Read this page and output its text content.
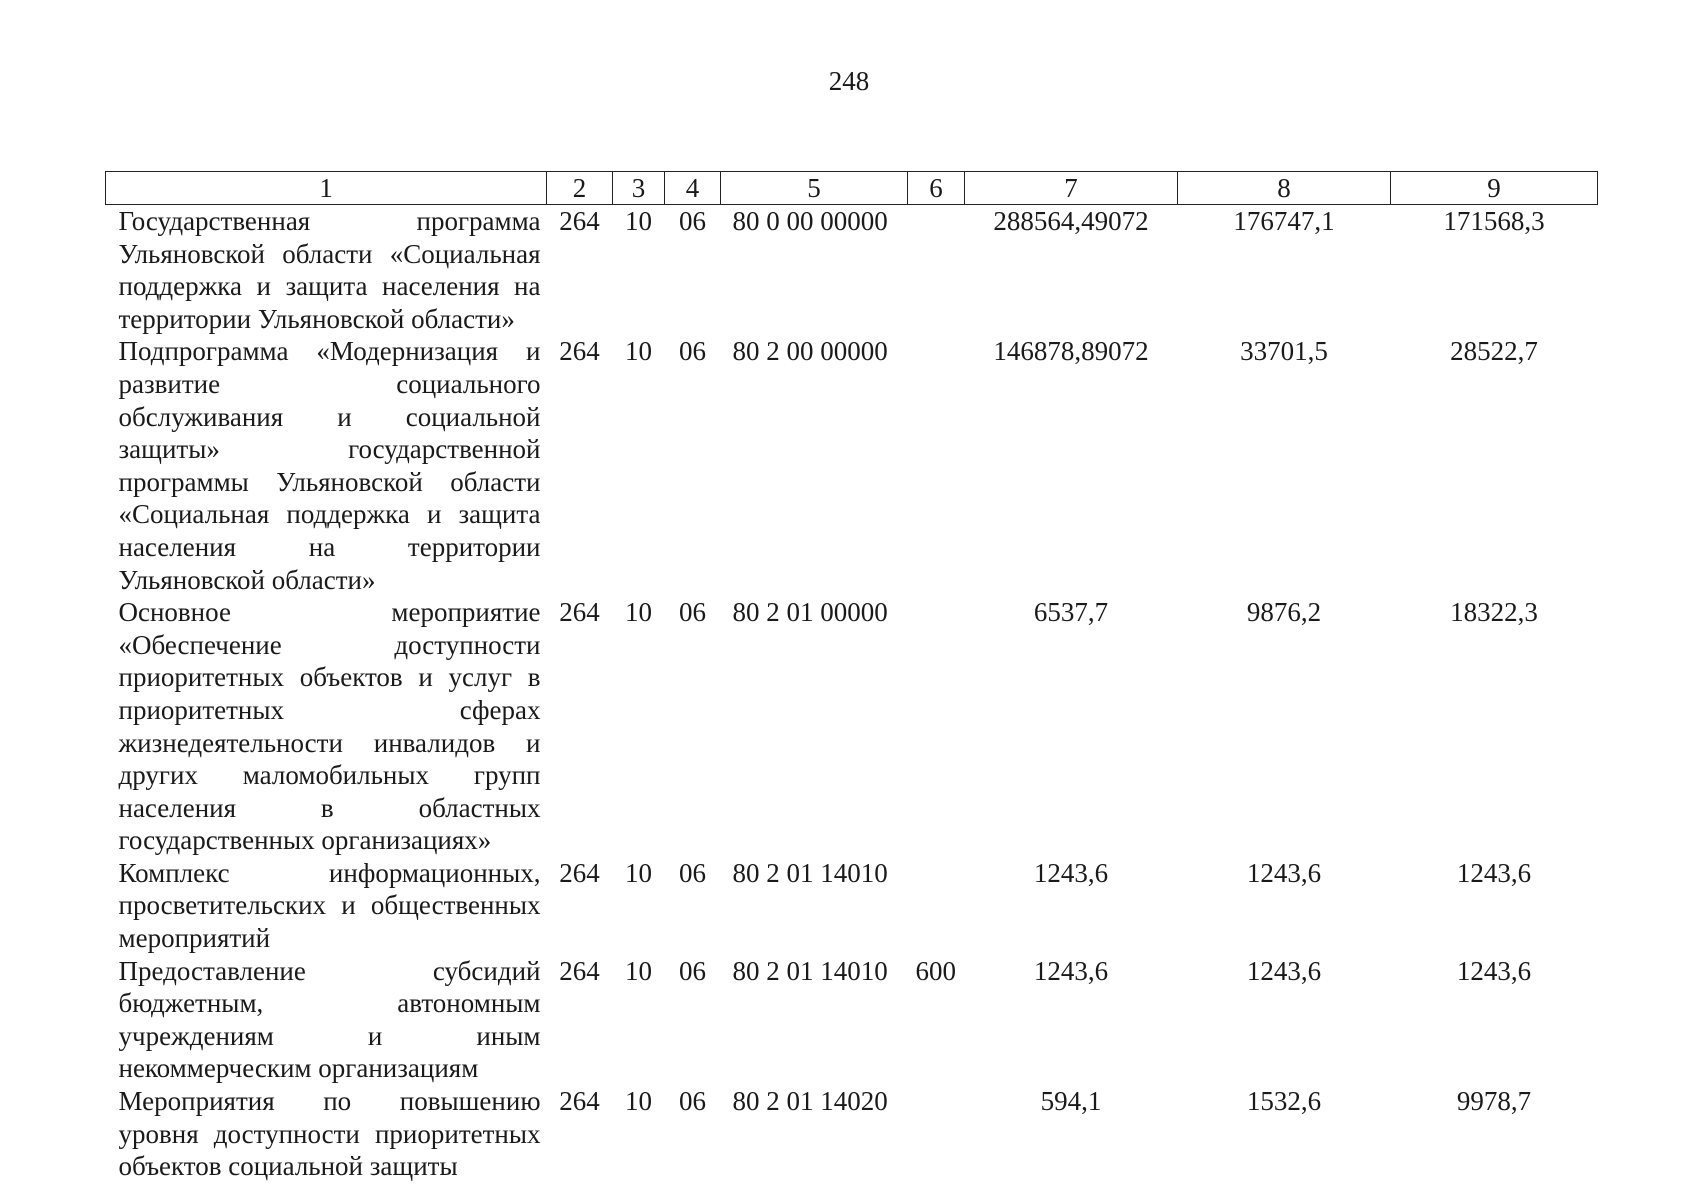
248
1	2	3	4	5	6	7	8	9

Государственная программа Ульяновской области «Социальная поддержка и защита населения на территории Ульяновской области»	264	10	06	80 0 00 00000		288564,49072	176747,1	171568,3

Подпрограмма «Модернизация и развитие социального обслуживания и социальной защиты» государственной программы Ульяновской области «Социальная поддержка и защита населения на территории Ульяновской области»	264	10	06	80 2 00 00000		146878,89072	33701,5	28522,7

Основное мероприятие «Обеспечение доступности приоритетных объектов и услуг в приоритетных сферах жизнедеятельности инвалидов и других маломобильных групп населения в областных государственных организациях»	264	10	06	80 2 01 00000		6537,7	9876,2	18322,3

Комплекс информационных, просветительских и общественных мероприятий	264	10	06	80 2 01 14010		1243,6	1243,6	1243,6

Предоставление субсидий бюджетным, автономным учреждениям и иным некоммерческим организациям	264	10	06	80 2 01 14010	600	1243,6	1243,6	1243,6

Мероприятия по повышению уровня доступности приоритетных объектов социальной защиты	264	10	06	80 2 01 14020		594,1	1532,6	9978,7
